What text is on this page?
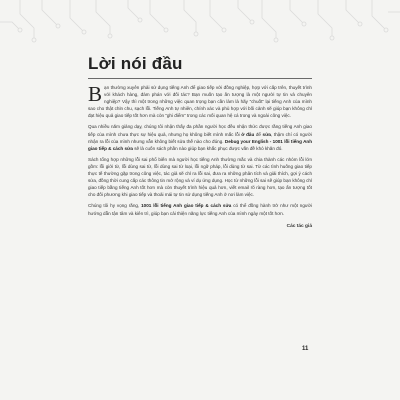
Lời nói đầu

Bạn thường xuyên phải sử dụng tiếng Anh để giao tiếp với đồng nghiệp, hợp với cấp trên, thuyết trình với khách hàng, đàm phán với đối tác? Bạn muốn tạo ấn tượng là một người tự tin và chuyên nghiệp? Vậy thì một trong những việc quan trọng bạn cần làm là hãy “chuốt” lại tiếng Anh của mình sao cho thật chỉn chu, sạch lỗi. Tiếng Anh tự nhiên, chính xác và phù hợp với bối cảnh sẽ giúp bạn không chỉ đạt hiệu quả giao tiếp tốt hơn mà còn “ghi điểm” trong các mối quan hệ cá trong và ngoài công việc.

Qua nhiều năm giảng dạy, chúng tôi nhận thấy đa phần người học đều nhận thức được rằng tiếng Anh giao tiếp của mình chưa thực sự hiệu quả, nhưng họ không biết mình mắc lỗi ở đâu để sửa, thậm chí có người nhận ra lỗi của mình nhưng vẫn không biết sửa thế nào cho đúng. Debug your English - 1001 lỗi tiếng Anh giao tiếp & cách sửa sẽ là cuốn sách phần nào giúp bạn khắc phục được vấn đề khó khăn đó.

Sách tổng hợp những lỗi sai phổ biến mà người học tiếng Anh thường mắc và chia thành các nhóm lỗi lớn gồm: lỗi giới từ, lỗi dùng sai từ, lỗi dùng sai từ loại, lỗi ngữ pháp, lỗi dùng từ sai. Từ các tình huống giao tiếp thực tế thường gặp trong công việc, tác giả sẽ chỉ ra lỗi sai, đưa ra những phân tích và giải thích, gợi ý cách sửa, đồng thời cung cấp các thông tin mở rộng và ví dụ ứng dụng. Học từ những lỗi sai sẽ giúp bạn không chỉ giao tiếp bằng tiếng Anh tốt hơn mà còn thuyết trình hiệu quả hơn, viết email rõ ràng hơn, tạo ấn tượng tốt cho đối phương khi giao tiếp và thoải mái tự tin sử dụng tiếng Anh ở nơi làm việc.

Chúng tôi hy vọng rằng, 1001 lỗi tiếng Anh giao tiếp & cách sửa có thể đồng hành trở như một người hướng dẫn tận tâm và kiên trì, giúp bạn cải thiện năng lực tiếng Anh của mình ngày một tốt hơn.

Các tác giả
11
